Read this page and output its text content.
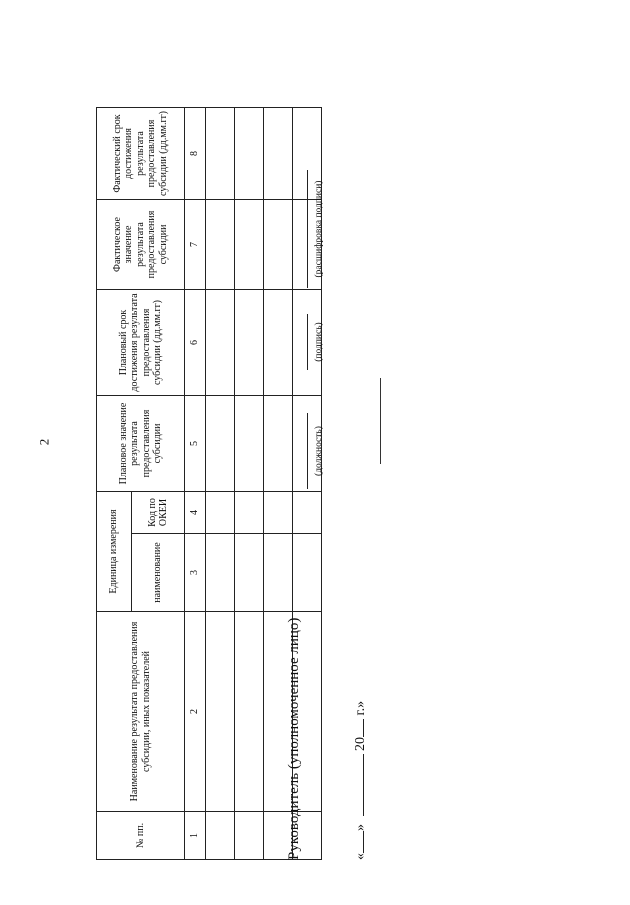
2
№ пп.	Наименование результата предоставления субсидии, иных показателей	Единица измерения		Плановое значение результата предоставления субсидии	Плановый срок достижения результата предоставления субсидии (дд.мм.гг)	Фактическое значение результата предоставления субсидии	Фактический срок достижения результата предоставления субсидии (дд.мм.гг)
		наименование	Код по ОКЕИ				
1	2	3	4	5	6	7	8

Руководитель (уполномоченное лицо)
(должность)
(подпись)
(расшифровка подписи)
«»  20 г.»
